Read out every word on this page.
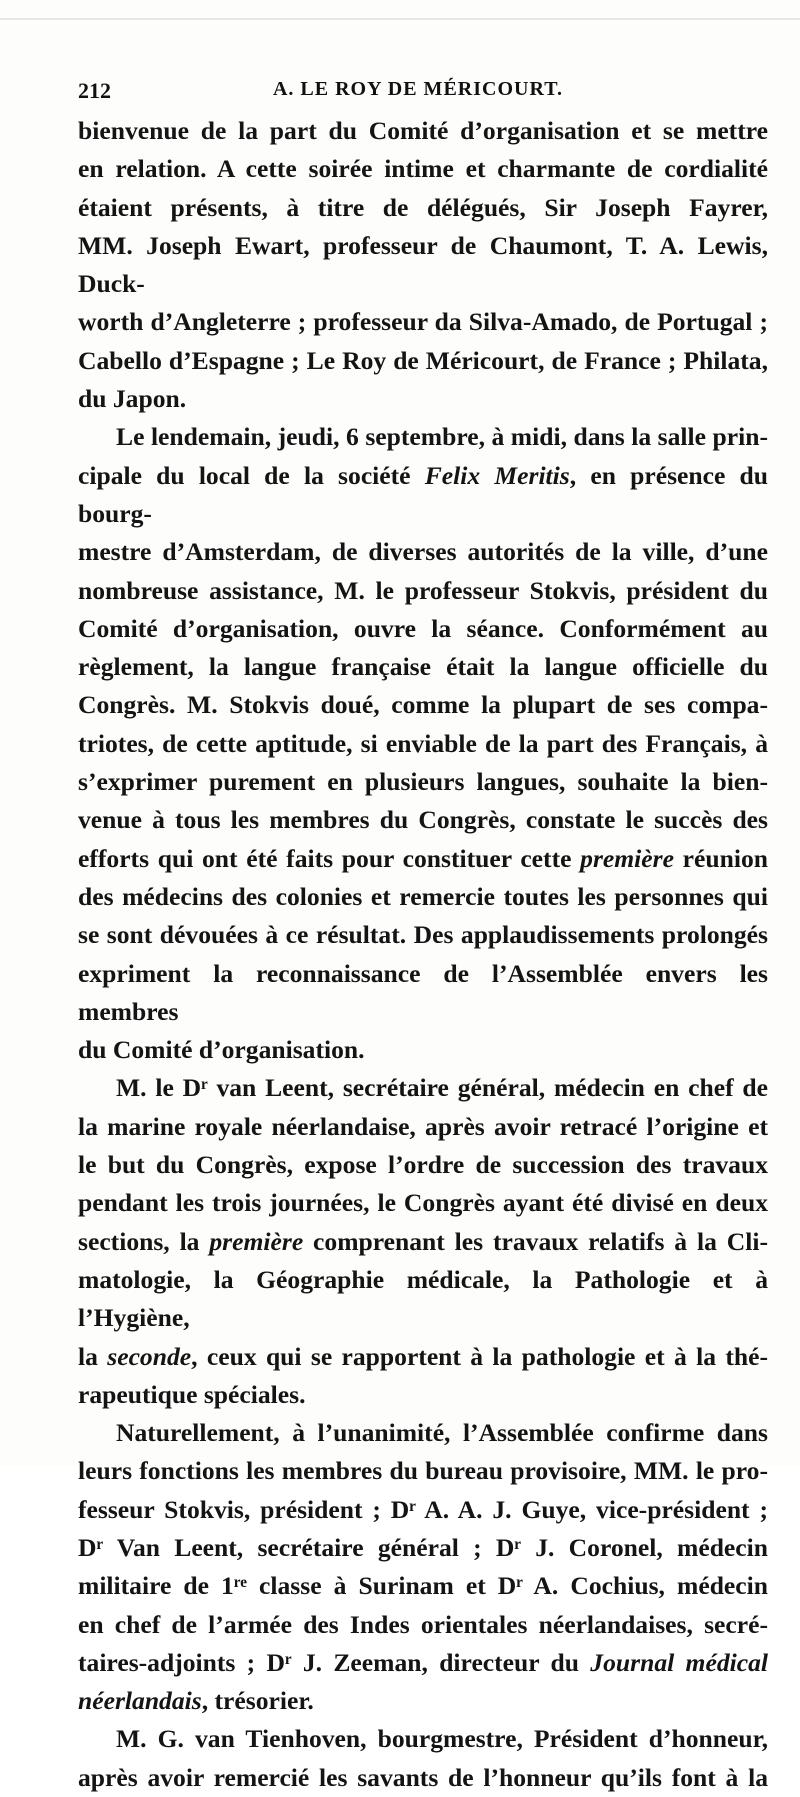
212	A. LE ROY DE MÉRICOURT.

bienvenue de la part du Comité d’organisation et se mettre
en relation. A cette soirée intime et charmante de cordialité
étaient présents, à titre de délégués, Sir Joseph Fayrer,
MM. Joseph Ewart, professeur de Chaumont, T. A. Lewis, Duck-
worth d’Angleterre ; professeur da Silva-Amado, de Portugal ;
Cabello d’Espagne ; Le Roy de Méricourt, de France ; Philata,
du Japon.

Le lendemain, jeudi, 6 septembre, à midi, dans la salle prin-
cipale du local de la société Felix Meritis, en présence du bourg-
mestre d’Amsterdam, de diverses autorités de la ville, d’une
nombreuse assistance, M. le professeur Stokvis, président du
Comité d’organisation, ouvre la séance. Conformément au
règlement, la langue française était la langue officielle du
Congrès. M. Stokvis doué, comme la plupart de ses compa-
triotes, de cette aptitude, si enviable de la part des Français, à
s’exprimer purement en plusieurs langues, souhaite la bien-
venue à tous les membres du Congrès, constate le succès des
efforts qui ont été faits pour constituer cette première réunion
des médecins des colonies et remercie toutes les personnes qui
se sont dévouées à ce résultat. Des applaudissements prolongés
expriment la reconnaissance de l’Assemblée envers les membres
du Comité d’organisation.

M. le Dʳ van Leent, secrétaire général, médecin en chef de
la marine royale néerlandaise, après avoir retracé l’origine et
le but du Congrès, expose l’ordre de succession des travaux
pendant les trois journées, le Congrès ayant été divisé en deux
sections, la première comprenant les travaux relatifs à la Cli-
matologie, la Géographie médicale, la Pathologie et à l’Hygiène,
la seconde, ceux qui se rapportent à la pathologie et à la thé-
rapeutique spéciales.

Naturellement, à l’unanimité, l’Assemblée confirme dans
leurs fonctions les membres du bureau provisoire, MM. le pro-
fesseur Stokvis, président ; Dʳ A. A. J. Guye, vice-président ;
Dʳ Van Leent, secrétaire général ; Dʳ J. Coronel, médecin
militaire de 1ʳᵉ classe à Surinam et Dʳ A. Cochius, médecin
en chef de l’armée des Indes orientales néerlandaises, secré-
taires-adjoints ; Dʳ J. Zeeman, directeur du Journal médical
néerlandais, trésorier.

M. G. van Tienhoven, bourgmestre, Président d’honneur,
après avoir remercié les savants de l’honneur qu’ils font à la
